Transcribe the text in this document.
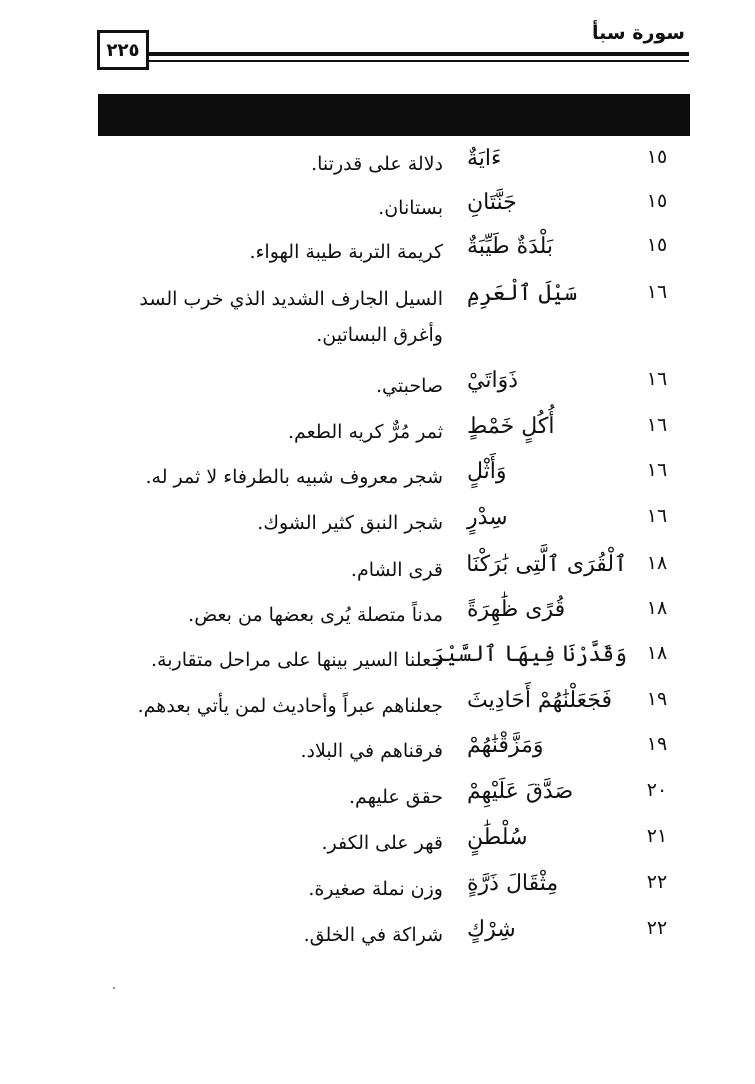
سورة سبأ
٢٢٥
١٥
ءَايَةٌ
دلالة على قدرتنا.
١٥
جَنَّتَانِ
بستانان.
١٥
بَلْدَةٌ طَيِّبَةٌ
كريمة التربة طيبة الهواء.
١٦
سَيْلَ ٱلْعَرِمِ
السيل الجارف الشديد الذي خرب السد وأغرق البساتين.
١٦
ذَوَاتَيْ
صاحبتي.
١٦
أُكُلٍ خَمْطٍ
ثمر مُرٌّ كريه الطعم.
١٦
وَأَثْلٍ
شجر معروف شبيه بالطرفاء لا ثمر له.
١٦
سِدْرٍ
شجر النبق كثير الشوك.
١٨
ٱلْقُرَى ٱلَّتِى بَٰرَكْنَا
قرى الشام.
١٨
قُرًى ظَٰهِرَةً
مدناً متصلة يُرى بعضها من بعض.
١٨
وَقَدَّرْنَا فِيهَا ٱلسَّيْرَ
جعلنا السير بينها على مراحل متقاربة.
١٩
فَجَعَلْنَٰهُمْ أَحَادِيثَ
جعلناهم عبراً وأحاديث لمن يأتي بعدهم.
١٩
وَمَزَّقْنَٰهُمْ
فرقناهم في البلاد.
٢٠
صَدَّقَ عَلَيْهِمْ
حقق عليهم.
٢١
سُلْطَٰنٍ
قهر على الكفر.
٢٢
مِثْقَالَ ذَرَّةٍ
وزن نملة صغيرة.
٢٢
شِرْكٍ
شراكة في الخلق.
